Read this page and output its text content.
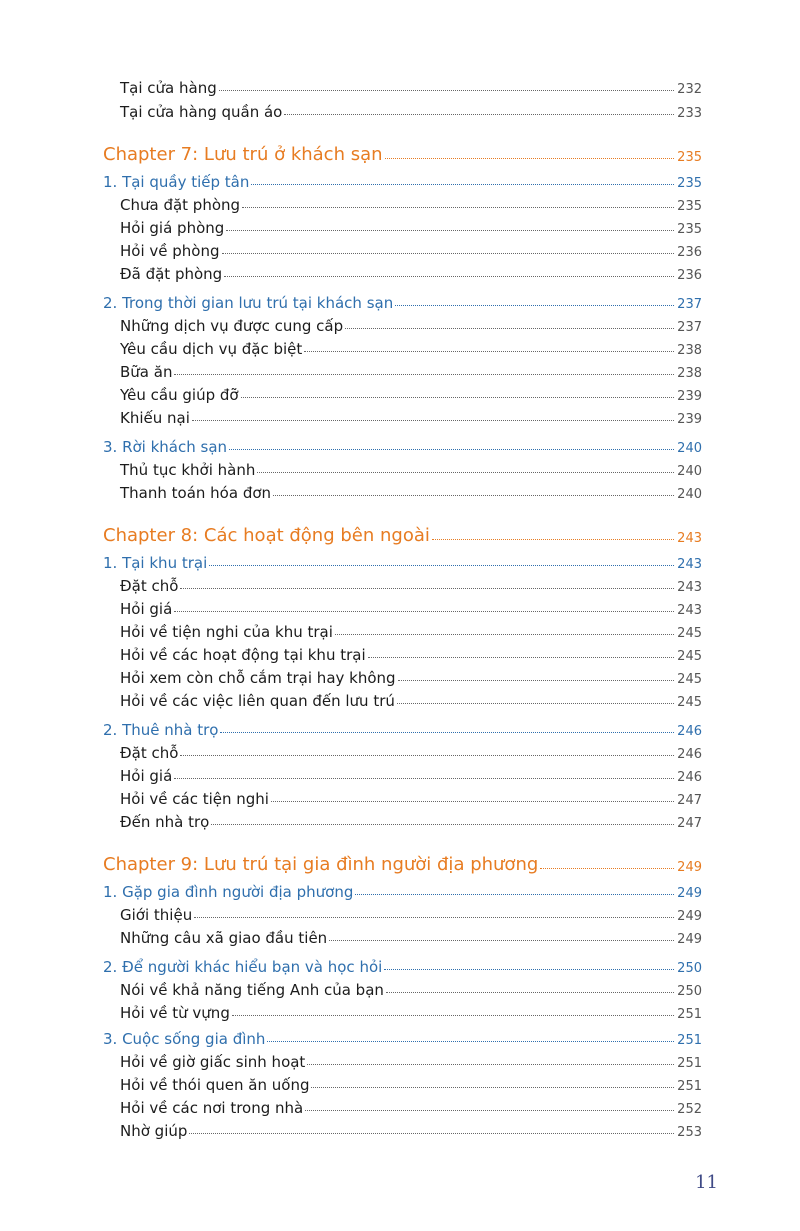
Tại cửa hàng	232
Tại cửa hàng quần áo	233
Chapter 7: Lưu trú ở khách sạn	235
1. Tại quầy tiếp tân	235
Chưa đặt phòng	235
Hỏi giá phòng	235
Hỏi về phòng	236
Đã đặt phòng	236
2. Trong thời gian lưu trú tại khách sạn	237
Những dịch vụ được cung cấp	237
Yêu cầu dịch vụ đặc biệt	238
Bữa ăn	238
Yêu cầu giúp đỡ	239
Khiếu nại	239
3. Rời khách sạn	240
Thủ tục khởi hành	240
Thanh toán hóa đơn	240
Chapter 8: Các hoạt động bên ngoài	243
1. Tại khu trại	243
Đặt chỗ	243
Hỏi giá	243
Hỏi về tiện nghi của khu trại	245
Hỏi về các hoạt động tại khu trại	245
Hỏi xem còn chỗ cắm trại hay không	245
Hỏi về các việc liên quan đến lưu trú	245
2. Thuê nhà trọ	246
Đặt chỗ	246
Hỏi giá	246
Hỏi về các tiện nghi	247
Đến nhà trọ	247
Chapter 9: Lưu trú tại gia đình người địa phương	249
1. Gặp gia đình người địa phương	249
Giới thiệu	249
Những câu xã giao đầu tiên	249
2. Để người khác hiểu bạn và học hỏi	250
Nói về khả năng tiếng Anh của bạn	250
Hỏi về từ vựng	251
3. Cuộc sống gia đình	251
Hỏi về giờ giấc sinh hoạt	251
Hỏi về thói quen ăn uống	251
Hỏi về các nơi trong nhà	252
Nhờ giúp	253
11
